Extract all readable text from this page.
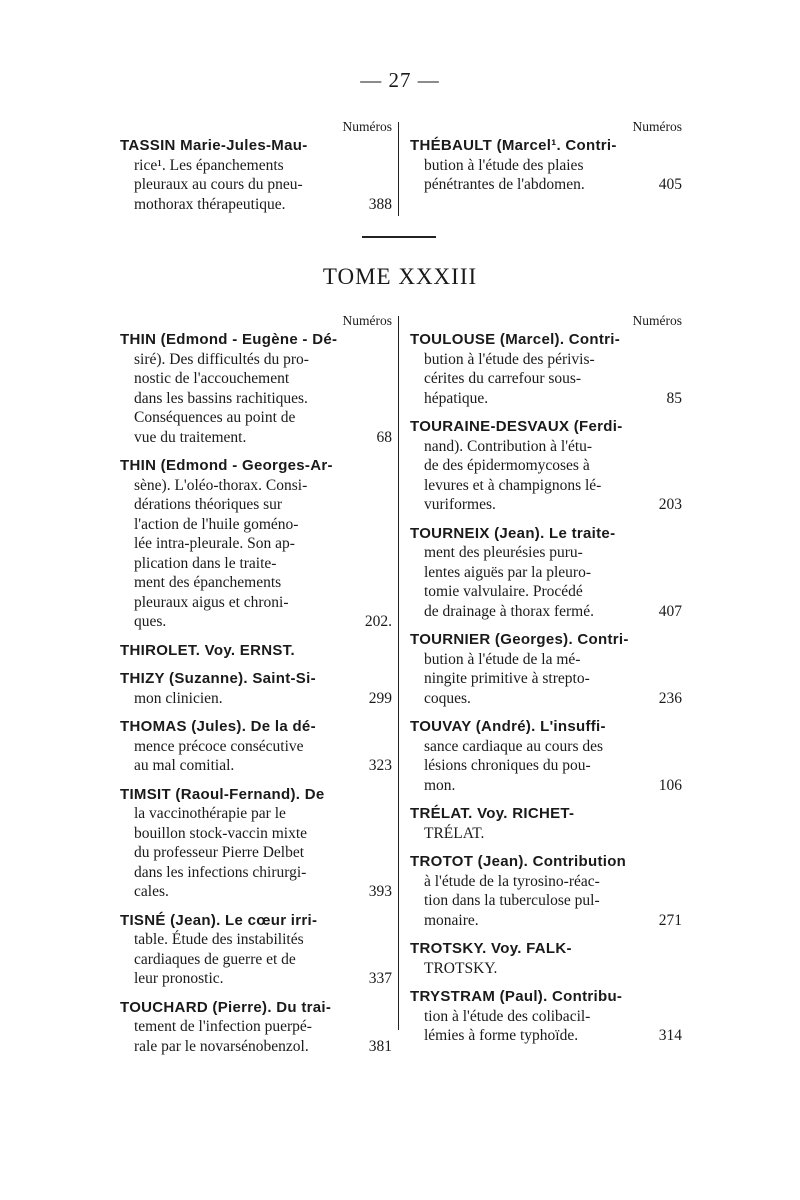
— 27 —
Numéros
TASSIN Marie-Jules-Mau-
rice¹. Les épanchements
pleuraux au cours du pneu-
mothorax thérapeutique.	388
Numéros
THÉBAULT (Marcel¹. Contri-
bution à l'étude des plaies
pénétrantes de l'abdomen.	405
TOME XXXIII
Numéros
THIN (Edmond - Eugène - Dé-
siré). Des difficultés du pro-
nostic de l'accouchement
dans les bassins rachitiques.
Conséquences au point de
vue du traitement.	68
THIN (Edmond - Georges-Ar-
sène). L'oléo-thorax. Consi-
dérations théoriques sur
l'action de l'huile goméno-
lée intra-pleurale. Son ap-
plication dans le traite-
ment des épanchements
pleuraux aigus et chroni-
ques.	202.
THIROLET. Voy. ERNST.
THIZY (Suzanne). Saint-Si-
mon clinicien.	299
THOMAS (Jules). De la dé-
mence précoce consécutive
au mal comitial.	323
TIMSIT (Raoul-Fernand). De
la vaccinothérapie par le
bouillon stock-vaccin mixte
du professeur Pierre Delbet
dans les infections chirurgi-
cales.	393
TISNÉ (Jean). Le cœur irri-
table. Étude des instabilités
cardiaques de guerre et de
leur pronostic.	337
TOUCHARD (Pierre). Du trai-
tement de l'infection puerpé-
rale par le novarsénobenzol.	381
Numéros
TOULOUSE (Marcel). Contri-
bution à l'étude des périvis-
cérites du carrefour sous-
hépatique.	85
TOURAINE-DESVAUX (Ferdi-
nand). Contribution à l'étu-
de des épidermomycoses à
levures et à champignons lé-
vuriformes.	203
TOURNEIX (Jean). Le traite-
ment des pleurésies puru-
lentes aiguës par la pleuro-
tomie valvulaire. Procédé
de drainage à thorax fermé.	407
TOURNIER (Georges). Contri-
bution à l'étude de la mé-
ningite primitive à strepto-
coques.	236
TOUVAY (André). L'insuffi-
sance cardiaque au cours des
lésions chroniques du pou-
mon.	106
TRÉLAT. Voy. RICHET-
TRÉLAT.
TROTOT (Jean). Contribution
à l'étude de la tyrosino-réac-
tion dans la tuberculose pul-
monaire.	271
TROTSKY. Voy. FALK-
TROTSKY.
TRYSTRAM (Paul). Contribu-
tion à l'étude des colibacil-
lémies à forme typhoïde.	314
